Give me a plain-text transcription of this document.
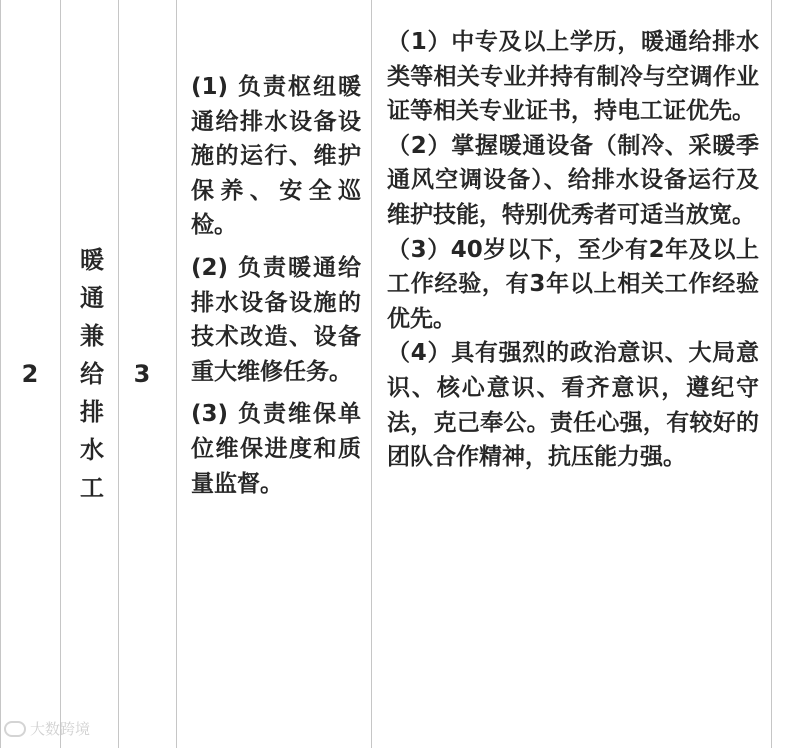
2
暖
通
兼
给
排
水
工
3
(1) 负责枢纽暖通给排水设备设施的运行、维护保养、安全巡检。
(2) 负责暖通给排水设备设施的技术改造、设备重大维修任务。
(3) 负责维保单位维保进度和质量监督。
（1）中专及以上学历，暖通给排水类等相关专业并持有制冷与空调作业证等相关专业证书，持电工证优先。
（2）掌握暖通设备（制冷、采暖季通风空调设备）、给排水设备运行及维护技能，特别优秀者可适当放宽。
（3）40岁以下，至少有2年及以上工作经验，有3年以上相关工作经验优先。
（4）具有强烈的政治意识、大局意识、核心意识、看齐意识，遵纪守法，克己奉公。责任心强，有较好的团队合作精神，抗压能力强。
大数跨境
